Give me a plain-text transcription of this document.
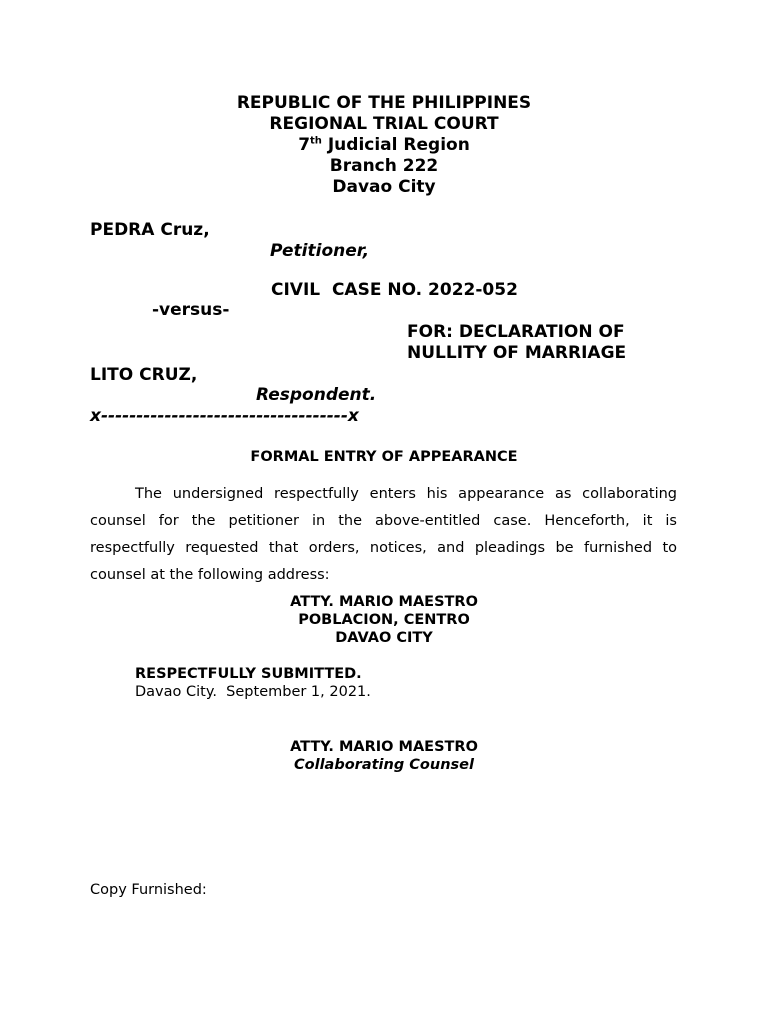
REPUBLIC OF THE PHILIPPINES
REGIONAL TRIAL COURT
7th Judicial Region
Branch 222
Davao City
PEDRA Cruz,
Petitioner,
CIVIL  CASE NO. 2022-052
-versus-
FOR: DECLARATION OF
NULLITY OF MARRIAGE
LITO CRUZ,
Respondent.
x-----------------------------------x
FORMAL ENTRY OF APPEARANCE
The undersigned respectfully enters his appearance as collaborating counsel for the petitioner in the above-entitled case. Henceforth, it is respectfully requested that orders, notices, and pleadings be furnished to counsel at the following address:
ATTY. MARIO MAESTRO
POBLACION, CENTRO
DAVAO CITY
RESPECTFULLY SUBMITTED.
Davao City.  September 1, 2021.
ATTY. MARIO MAESTRO
Collaborating Counsel
Copy Furnished:
